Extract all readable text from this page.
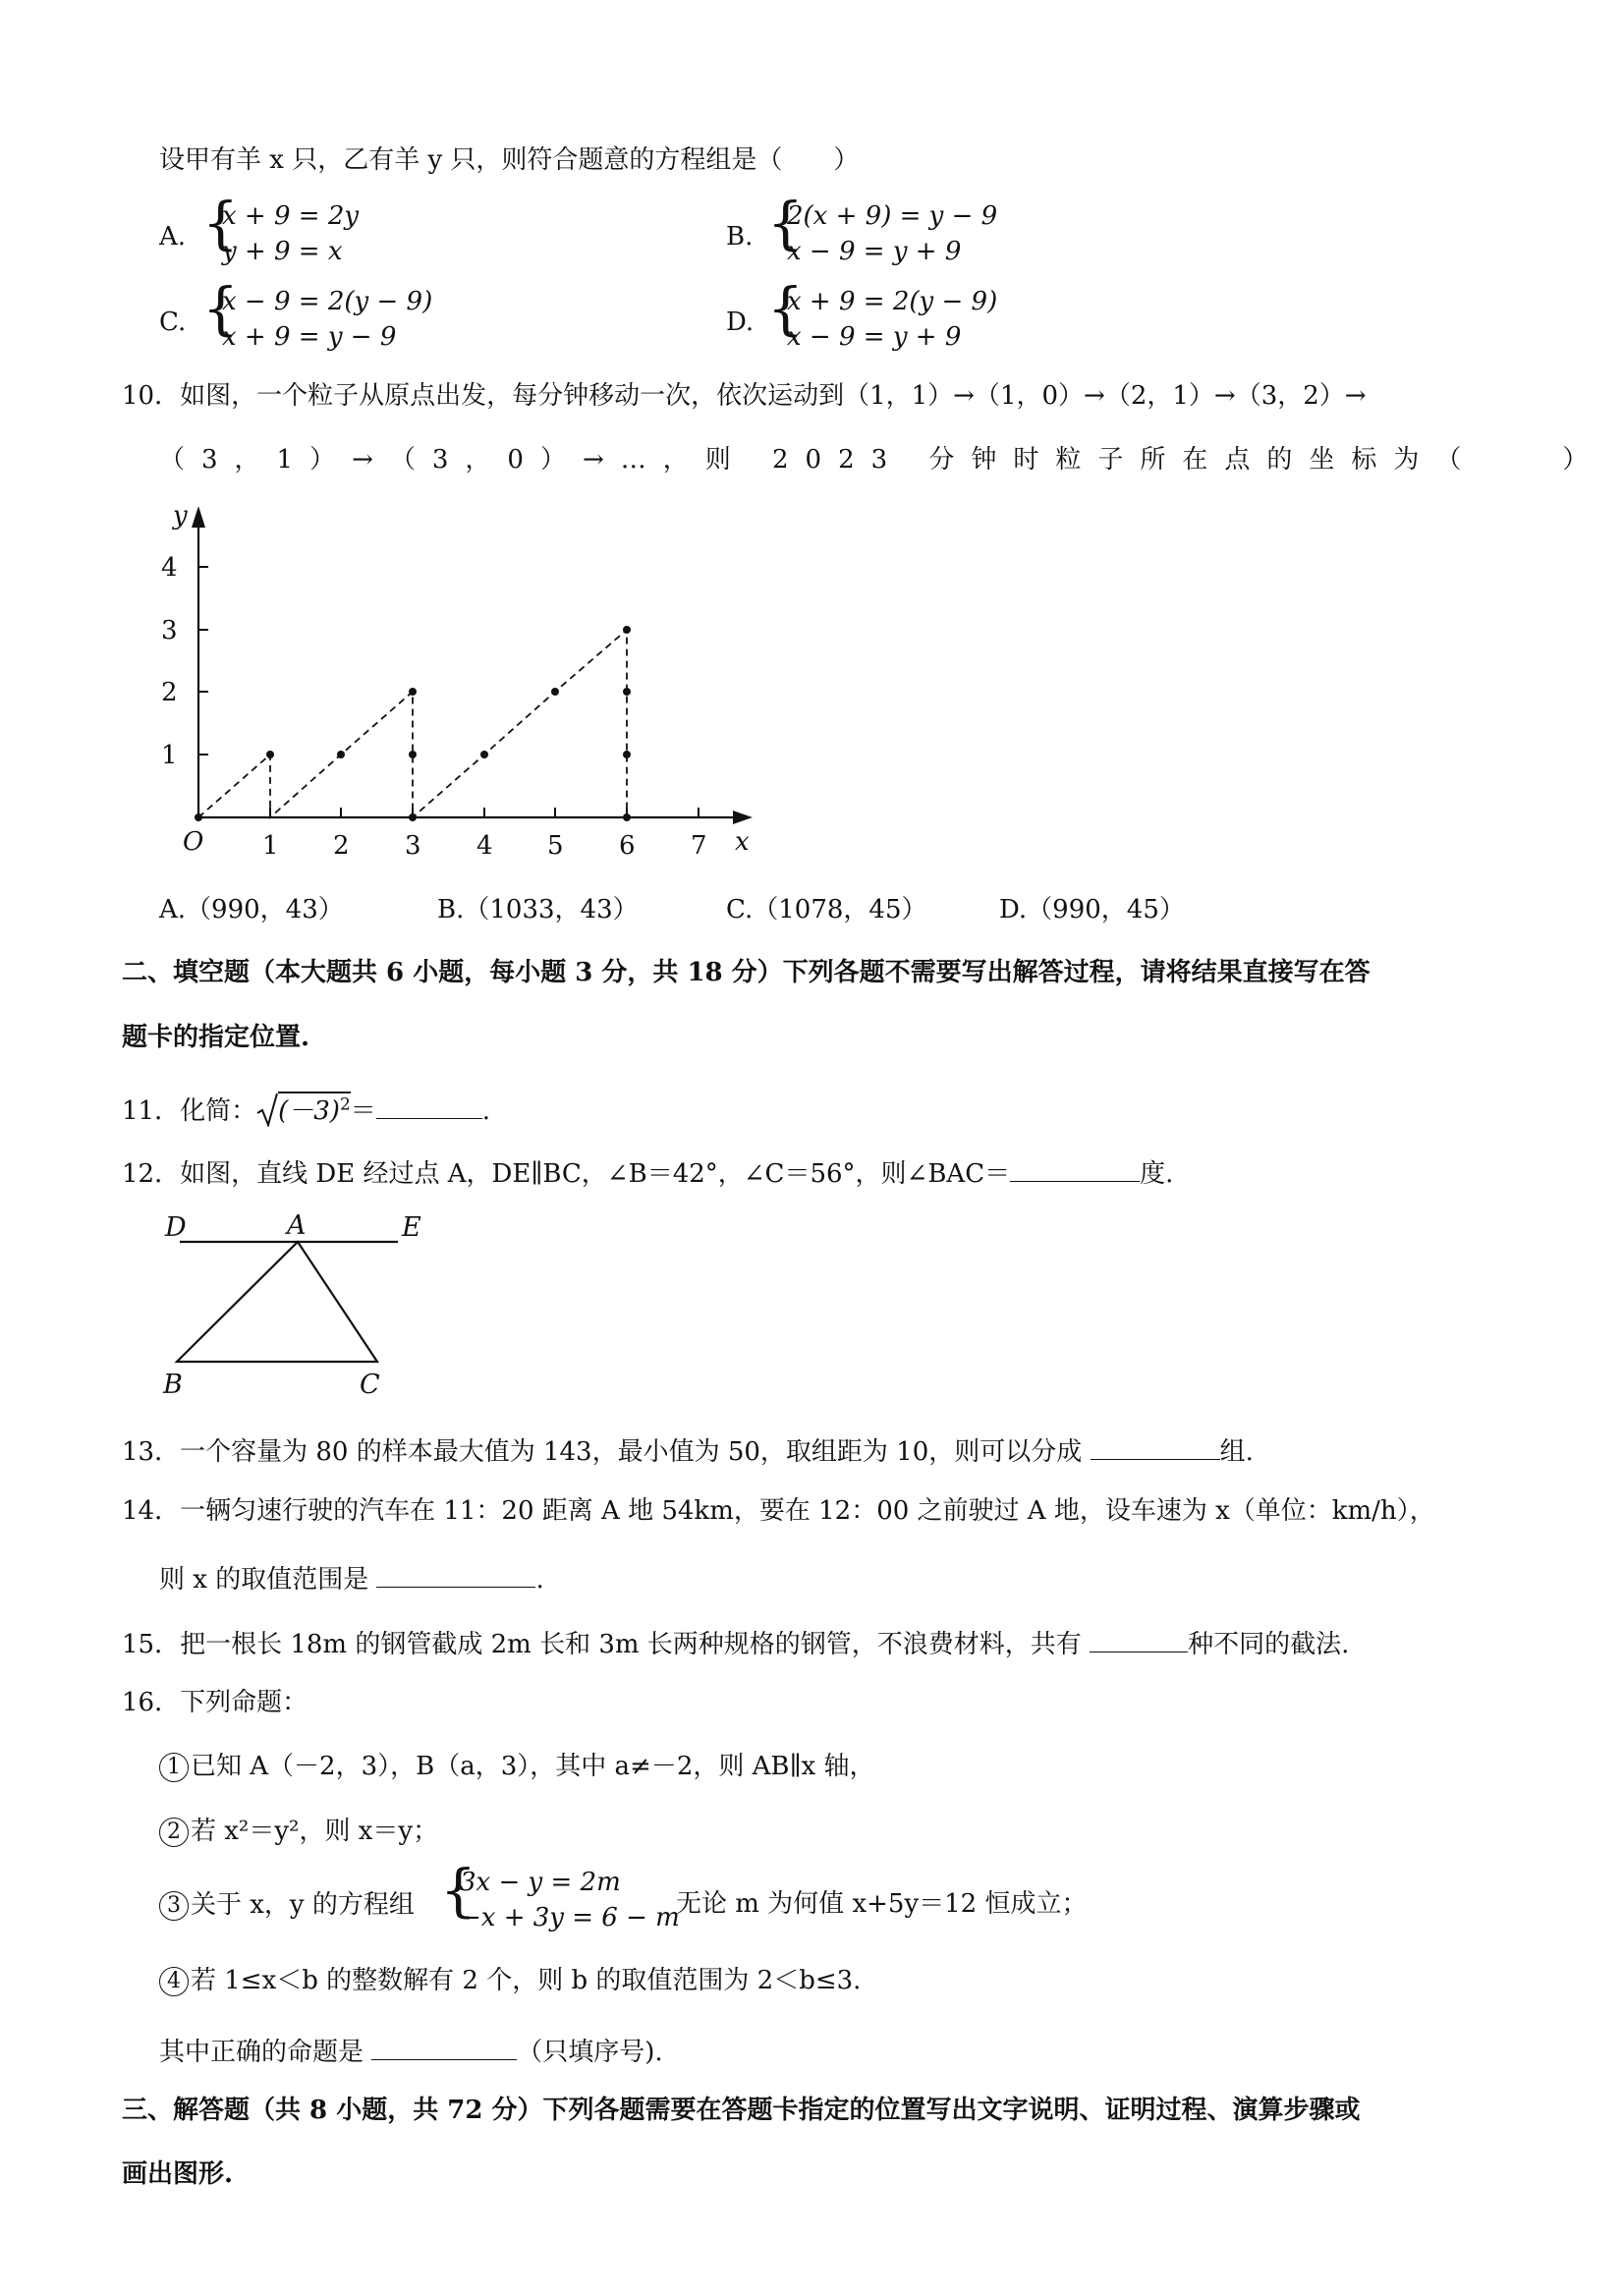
设甲有羊 x 只，乙有羊 y 只，则符合题意的方程组是（　　）
A. {
x + 9 = 2y
y + 9 = x	B. {
2(x + 9) = y − 9
x − 9 = y + 9
C. {
x − 9 = 2(y − 9)
x + 9 = y − 9	D. {
x + 9 = 2(y − 9)
x − 9 = y + 9
10．如图，一个粒子从原点出发，每分钟移动一次，依次运动到（1，1）→（1，0）→（2，1）→（3，2）→
（3，1）→（3，0）→…，则 2023 分钟时粒子所在点的坐标为（　　）
y
x
O
1
2
3
4
1 2 3 4 5 6 7
A.（990，43）	B.（1033，43）	C.（1078，45）	D.（990，45）
二、填空题（本大题共 6 小题，每小题 3 分，共 18 分）下列各题不需要写出解答过程，请将结果直接写在答
题卡的指定位置.
11．化简： $(-3)^2=$	.
12．如图，直线 DE 经过点 A，DE∥BC，∠B＝42°，∠C＝56°，则∠BAC＝	度.
D	A	E
B	C
13．一个容量为 80 的样本最大值为 143，最小值为 50，取组距为 10，则可以分成	组.
14．一辆匀速行驶的汽车在 11：20 距离 A 地 54km，要在 12：00 之前驶过 A 地，设车速为 x（单位：km/h），
则 x 的取值范围是	.
15．把一根长 18m 的钢管截成 2m 长和 3m 长两种规格的钢管，不浪费材料，共有	种不同的截法.
16．下列命题：
1 已知 A（－2，3），B（a，3），其中 a≠－2，则 AB∥x 轴，
2 若 x²＝y²，则 x＝y；
3 关于 x，y 的方程组 {
3x − y = 2m
−x + 3y = 6 − m
无论 m 为何值 x+5y＝12 恒成立；
4 若 1≤x＜b 的整数解有 2 个，则 b 的取值范围为 2＜b≤3.
其中正确的命题是	（只填序号).
三、解答题（共 8 小题，共 72 分）下列各题需要在答题卡指定的位置写出文字说明、证明过程、演算步骤或
画出图形.
